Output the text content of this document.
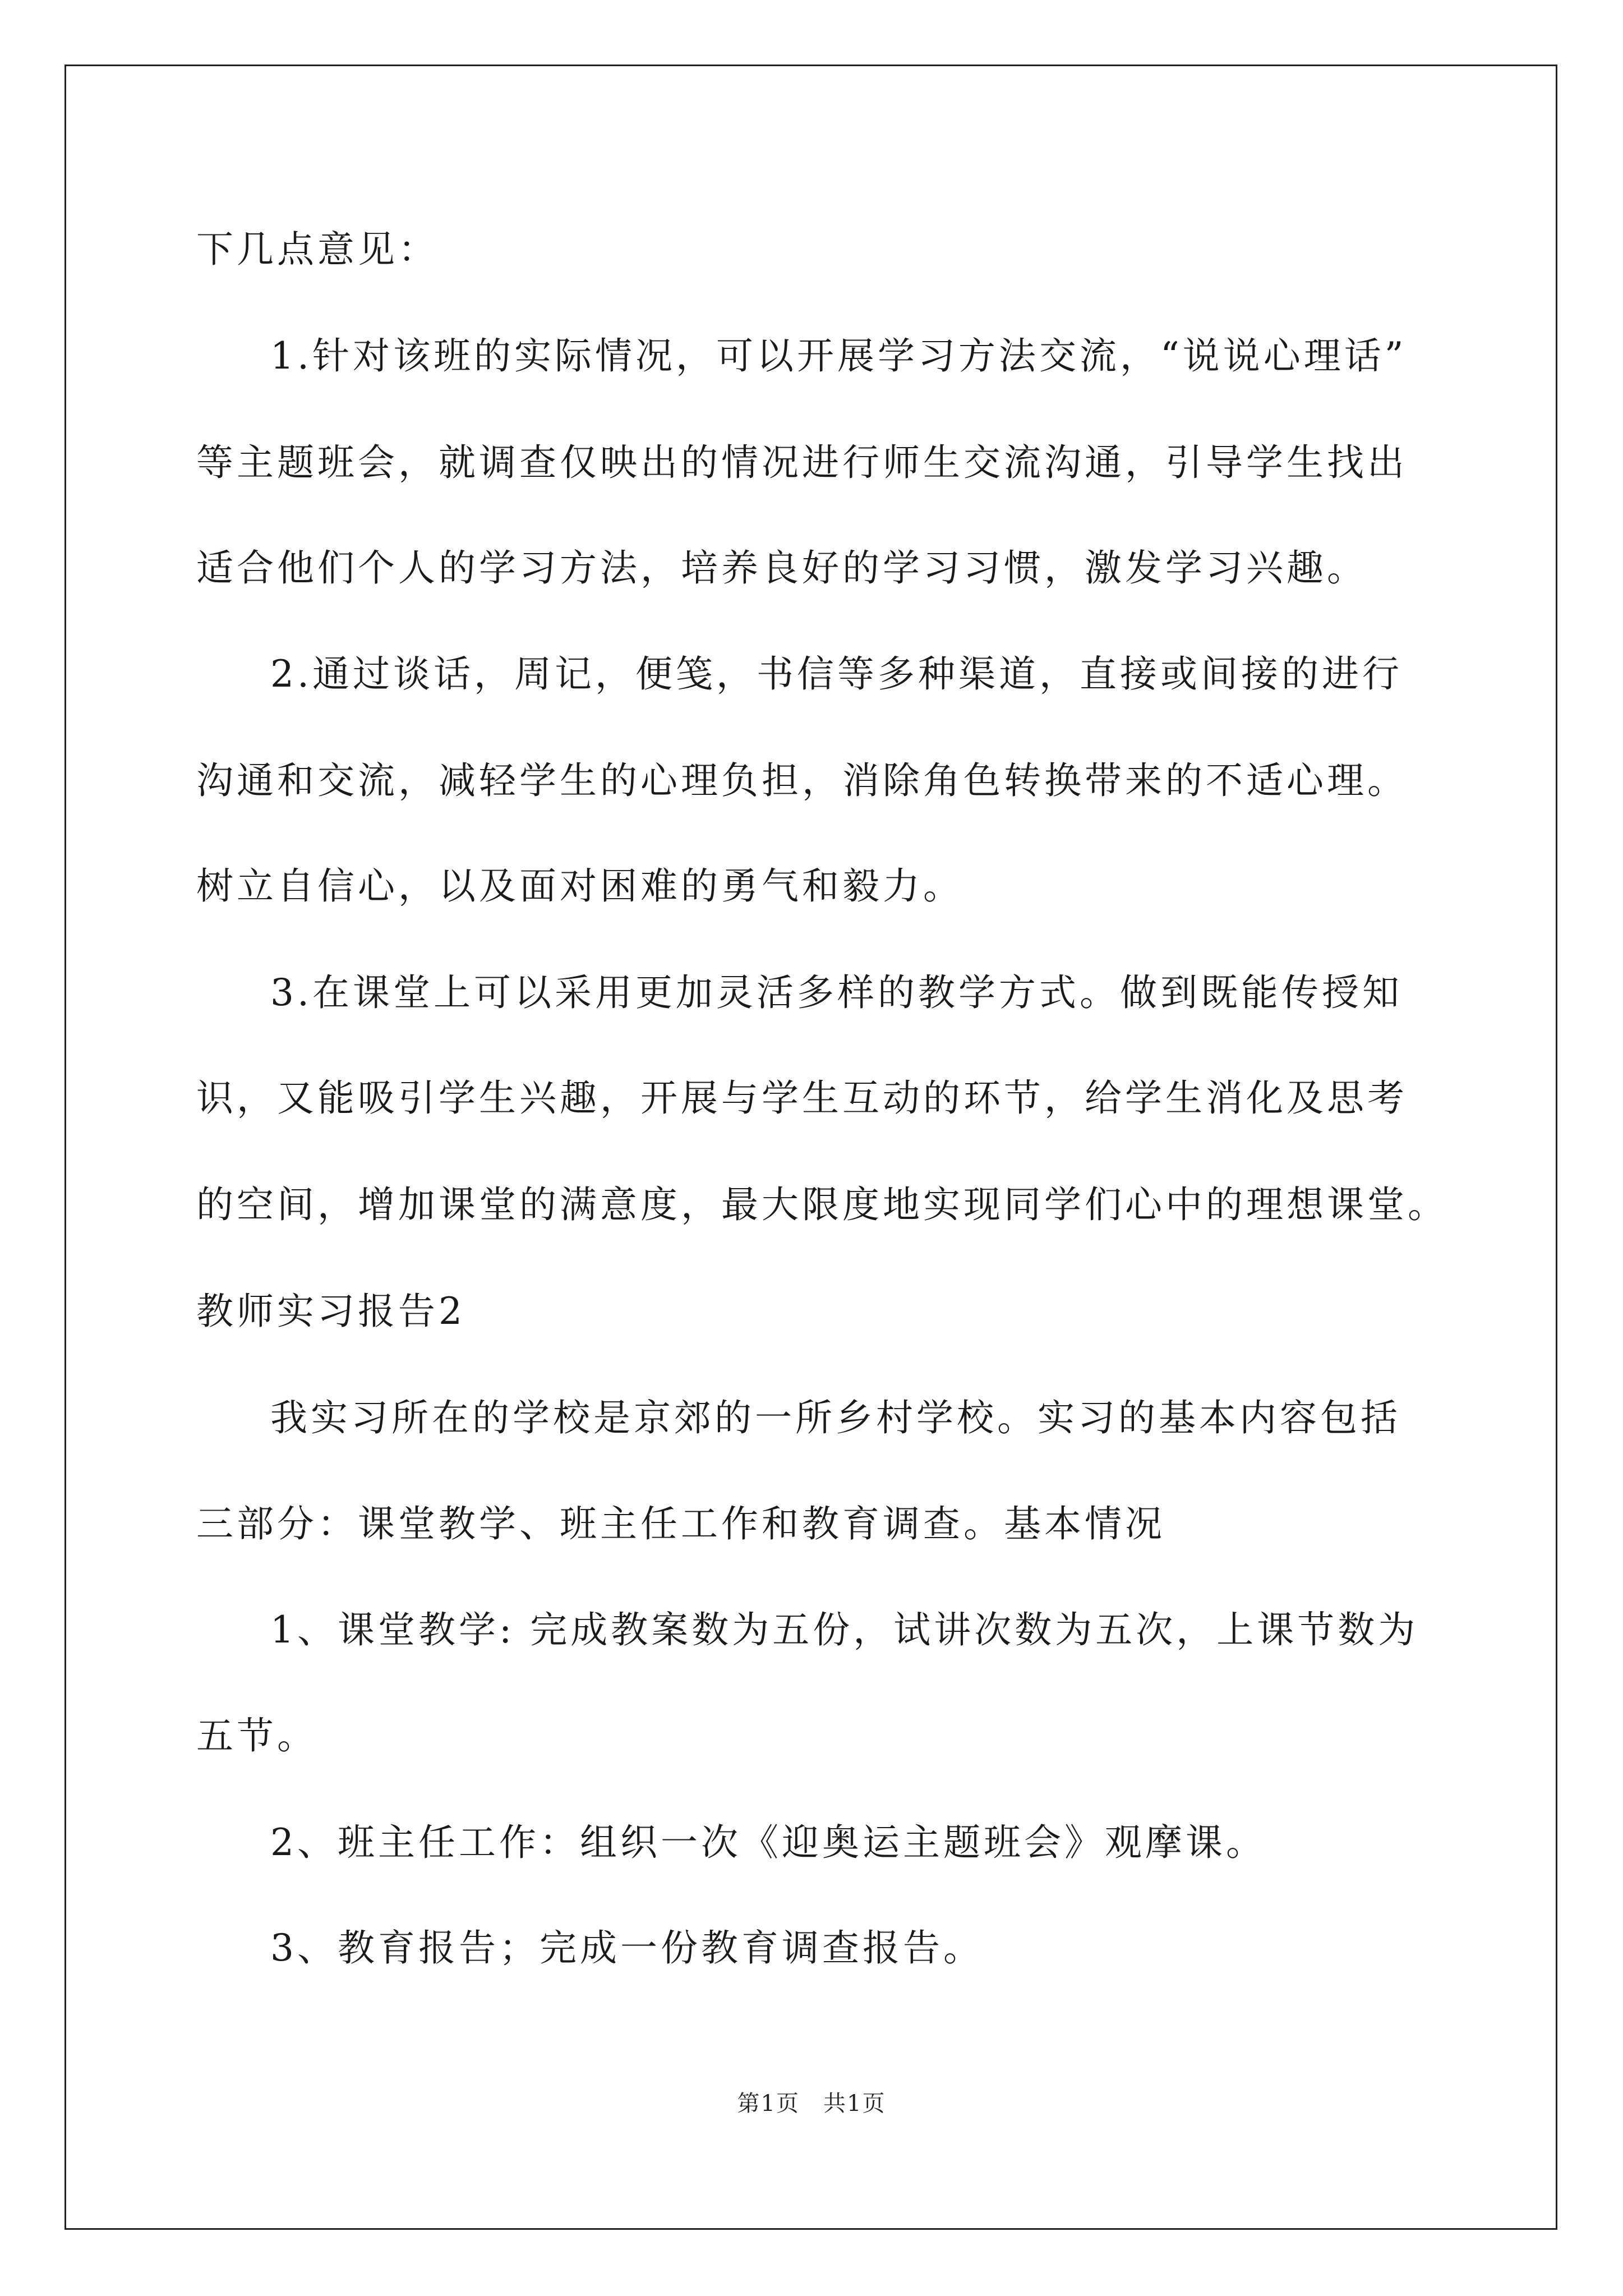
下几点意见：
1.针对该班的实际情况，可以开展学习方法交流，“说说心理话”
等主题班会，就调查仅映出的情况进行师生交流沟通，引导学生找出
适合他们个人的学习方法，培养良好的学习习惯，激发学习兴趣。
2.通过谈话，周记，便笺，书信等多种渠道，直接或间接的进行
沟通和交流，减轻学生的心理负担，消除角色转换带来的不适心理。
树立自信心，以及面对困难的勇气和毅力。
3.在课堂上可以采用更加灵活多样的教学方式。做到既能传授知
识，又能吸引学生兴趣，开展与学生互动的环节，给学生消化及思考
的空间，增加课堂的满意度，最大限度地实现同学们心中的理想课堂。
教师实习报告2
我实习所在的学校是京郊的一所乡村学校。实习的基本内容包括
三部分：课堂教学、班主任工作和教育调查。基本情况
1、课堂教学: 完成教案数为五份，试讲次数为五次，上课节数为
五节。
2、班主任工作：组织一次《迎奥运主题班会》观摩课。
3、教育报告；完成一份教育调查报告。
第1页　共1页
